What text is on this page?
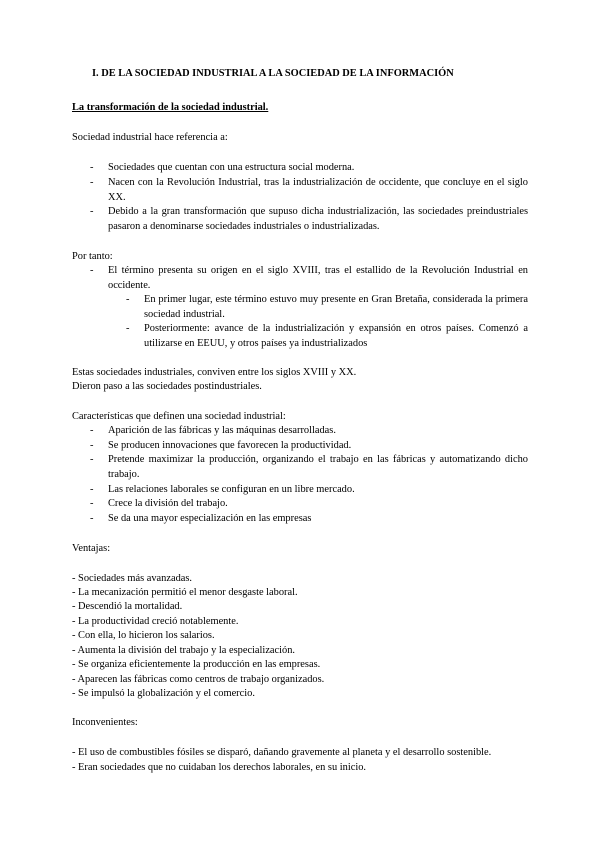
I. DE LA SOCIEDAD INDUSTRIAL A LA SOCIEDAD DE LA INFORMACIÓN
La transformación de la sociedad industrial.
Sociedad industrial hace referencia a:
- Sociedades que cuentan con una estructura social moderna.
- Nacen con la Revolución Industrial, tras la industrialización de occidente, que concluye en el siglo XX.
- Debido a la gran transformación que supuso dicha industrialización, las sociedades preindustriales pasaron a denominarse sociedades industriales o industrializadas.
Por tanto:
- El término presenta su origen en el siglo XVIII, tras el estallido de la Revolución Industrial en occidente.
- En primer lugar, este término estuvo muy presente en Gran Bretaña, considerada la primera sociedad industrial.
- Posteriormente: avance de la industrialización y expansión en otros países. Comenzó a utilizarse en EEUU, y otros países ya industrializados
Estas sociedades industriales, conviven entre los siglos XVIII y XX.
Dieron paso a las sociedades postindustriales.
Características que definen una sociedad industrial:
- Aparición de las fábricas y las máquinas desarrolladas.
- Se producen innovaciones que favorecen la productividad.
- Pretende maximizar la producción, organizando el trabajo en las fábricas y automatizando dicho trabajo.
- Las relaciones laborales se configuran en un libre mercado.
- Crece la división del trabajo.
- Se da una mayor especialización en las empresas
Ventajas:
- Sociedades más avanzadas.
- La mecanización permitió el menor desgaste laboral.
- Descendió la mortalidad.
- La productividad creció notablemente.
- Con ella, lo hicieron los salarios.
- Aumenta la división del trabajo y la especialización.
- Se organiza eficientemente la producción en las empresas.
- Aparecen las fábricas como centros de trabajo organizados.
- Se impulsó la globalización y el comercio.
Inconvenientes:
- El uso de combustibles fósiles se disparó, dañando gravemente al planeta y el desarrollo sostenible.
- Eran sociedades que no cuidaban los derechos laborales, en su inicio.
